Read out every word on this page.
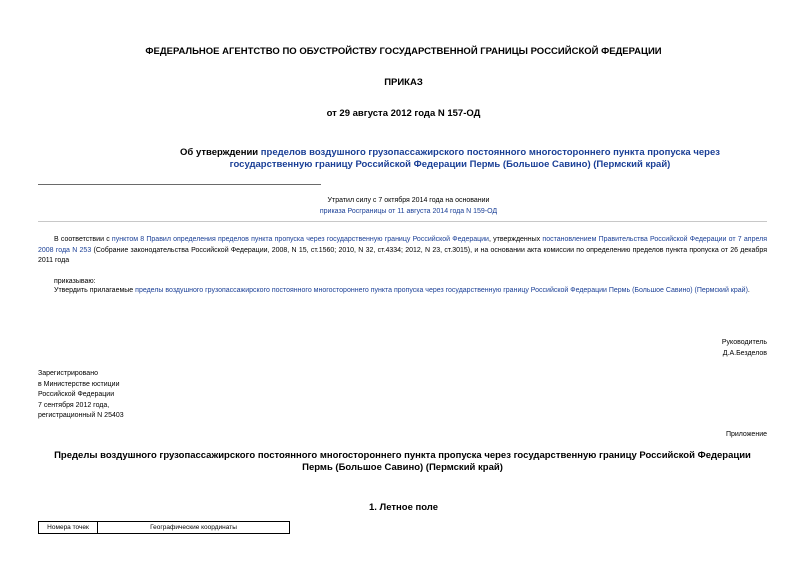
ФЕДЕРАЛЬНОЕ АГЕНТСТВО ПО ОБУСТРОЙСТВУ ГОСУДАРСТВЕННОЙ ГРАНИЦЫ РОССИЙСКОЙ ФЕДЕРАЦИИ
ПРИКАЗ
от 29 августа 2012 года N 157-ОД
Об утверждении пределов воздушного грузопассажирского постоянного многостороннего пункта пропуска через государственную границу Российской Федерации Пермь (Большое Савино) (Пермский край)
Утратил силу с 7 октября 2014 года на основании
приказа Росграницы от 11 августа 2014 года N 159-ОД
В соответствии с пунктом 8 Правил определения пределов пункта пропуска через государственную границу Российской Федерации, утвержденных постановлением Правительства Российской Федерации от 7 апреля 2008 года N 253 (Собрание законодательства Российской Федерации, 2008, N 15, ст.1560; 2010, N 32, ст.4334; 2012, N 23, ст.3015), и на основании акта комиссии по определению пределов пункта пропуска от 26 декабря 2011 года
приказываю:
Утвердить прилагаемые пределы воздушного грузопассажирского постоянного многостороннего пункта пропуска через государственную границу Российской Федерации Пермь (Большое Савино) (Пермский край).
Руководитель
Д.А.Безделов
Зарегистрировано
в Министерстве юстиции
Российской Федерации
7 сентября 2012 года,
регистрационный N 25403
Приложение
Пределы воздушного грузопассажирского постоянного многостороннего пункта пропуска через государственную границу Российской Федерации Пермь (Большое Савино) (Пермский край)
1. Летное поле
Номера точек	Географические координаты
